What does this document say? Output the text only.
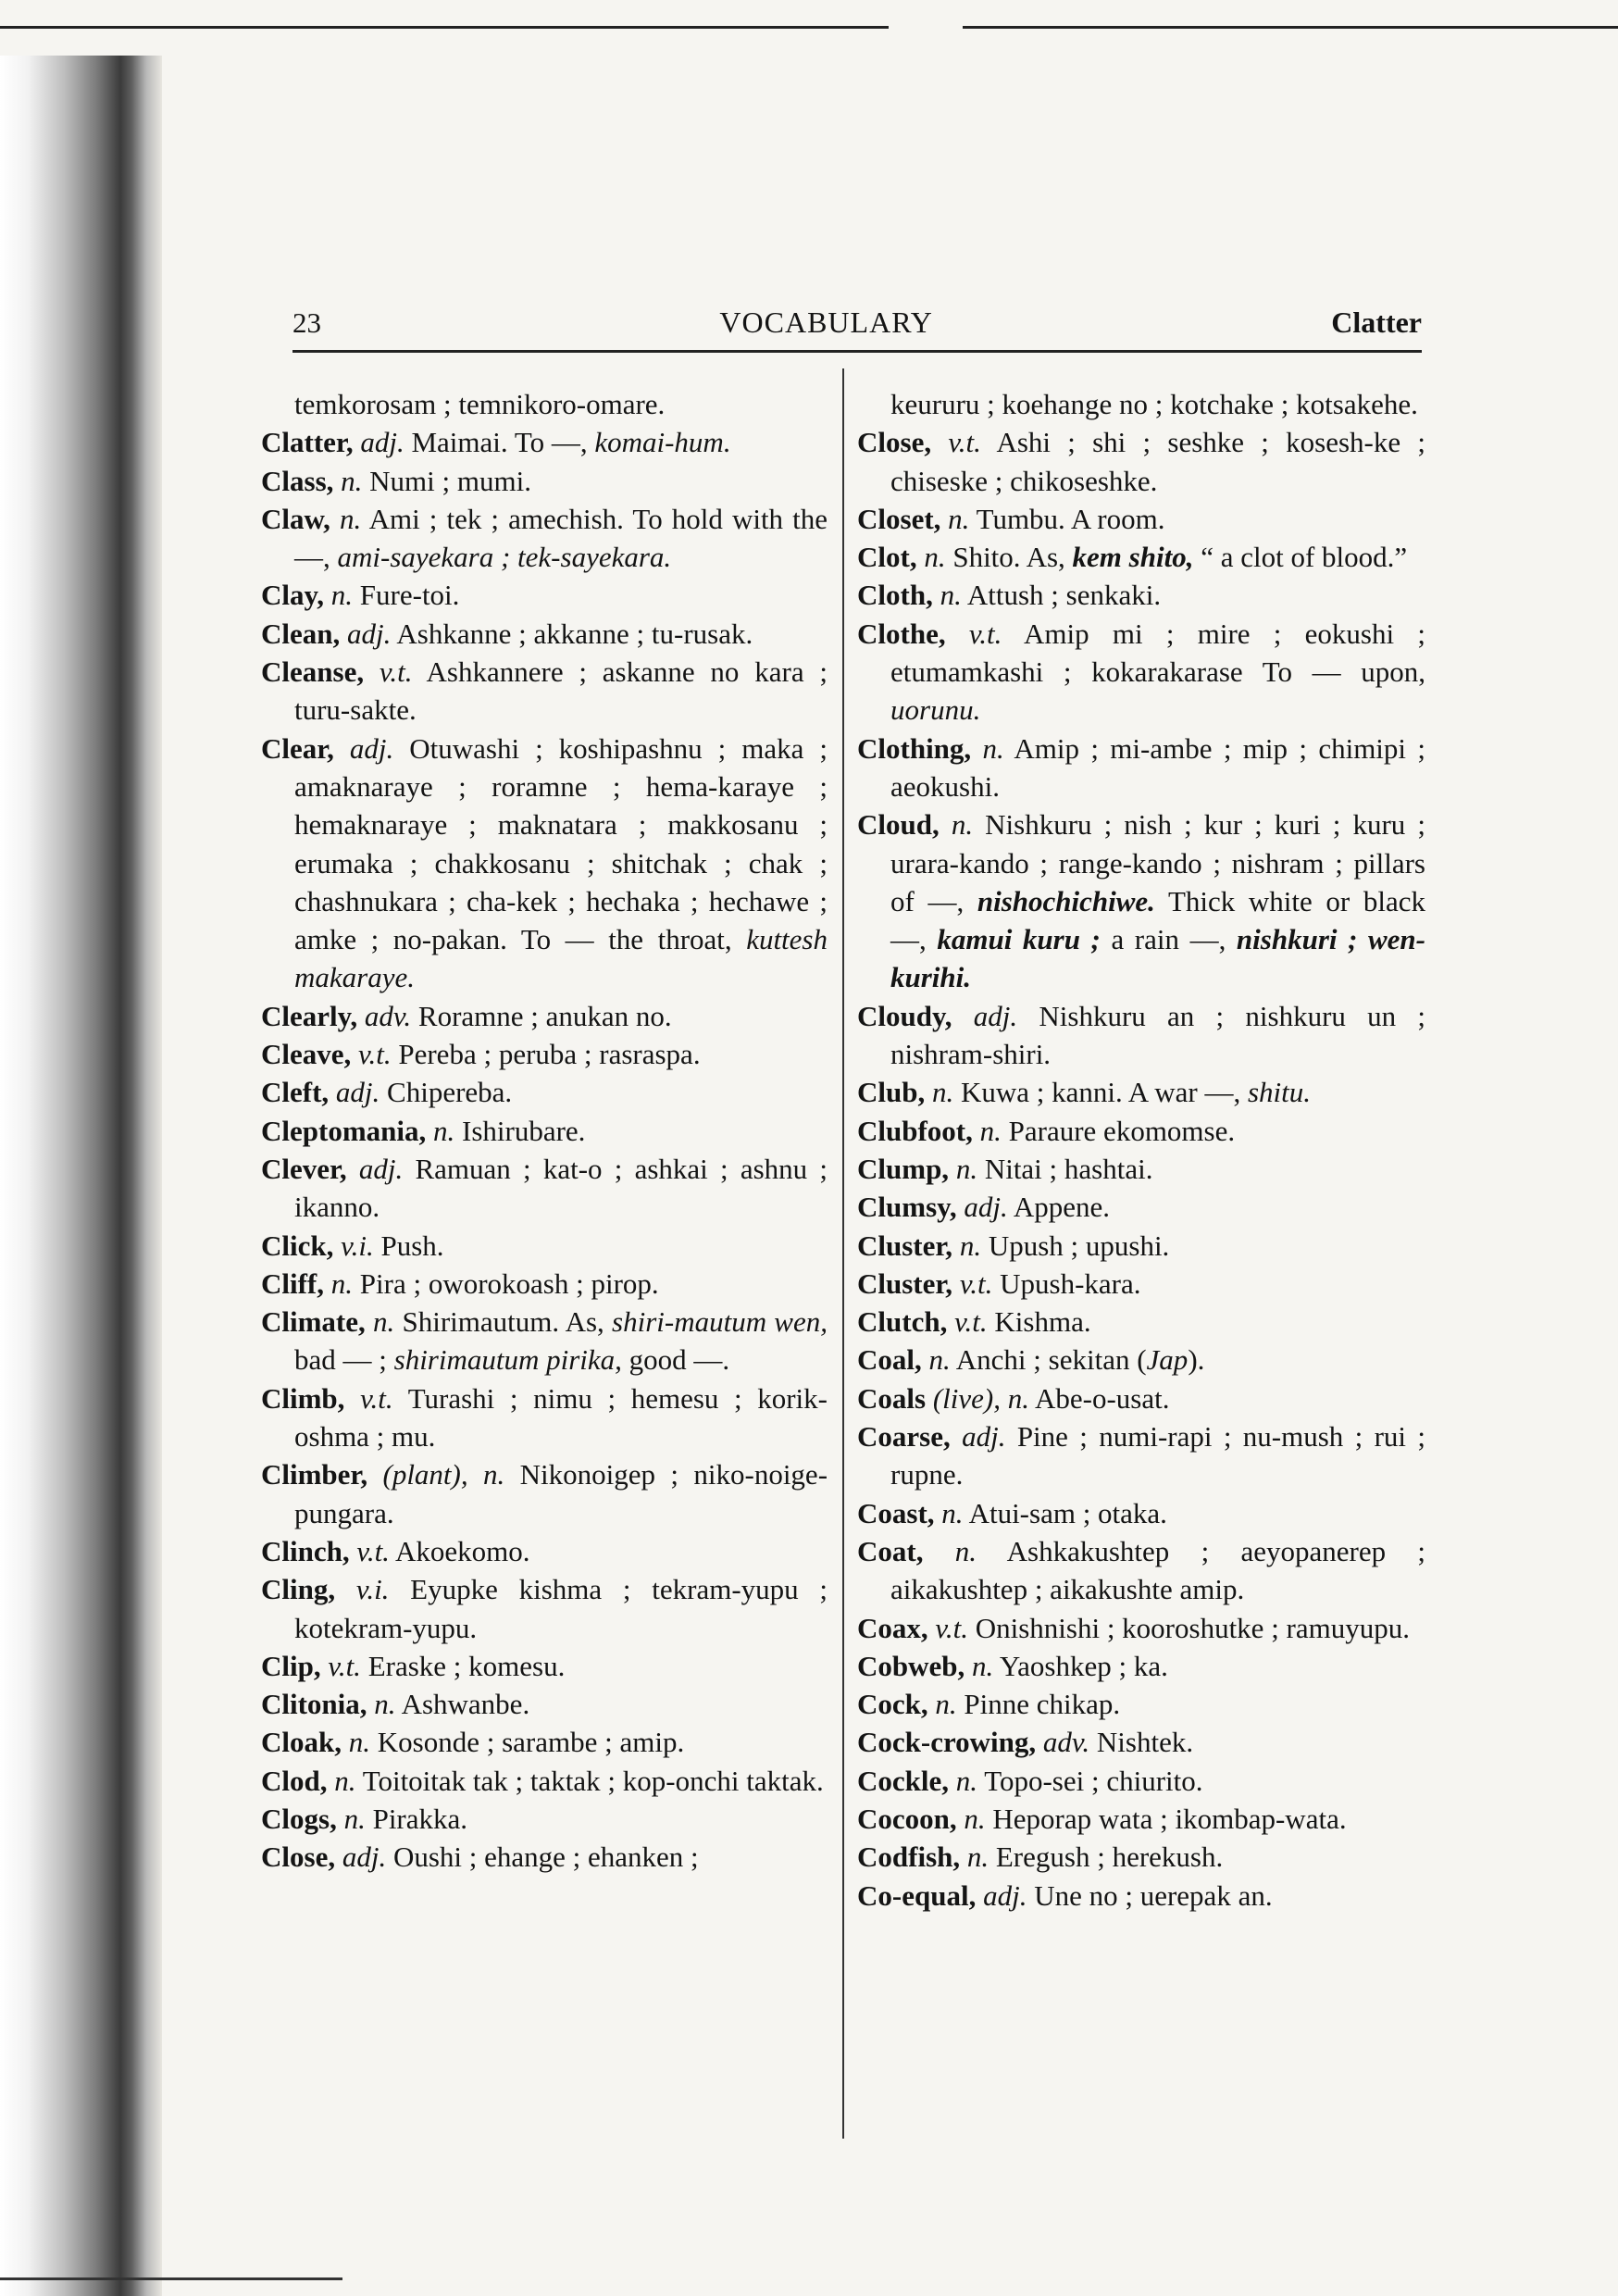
23	VOCABULARY	Clatter
temkorosam ; temnikoro-omare.
Clatter, adj. Maimai. To —, komai-hum.
Class, n. Numi ; mumi.
Claw, n. Ami ; tek ; amechish. To hold with the —, ami-sayekara ; tek-sayekara.
Clay, n. Fure-toi.
Clean, adj. Ashkanne ; akkanne ; tu-rusak.
Cleanse, v.t. Ashkannere ; askanne no kara ; turu-sakte.
Clear, adj. Otuwashi ; koshipashnu ; maka ; amaknaraye ; roramne ; hema-karaye ; hemaknaraye ; maknatara ; makkosanu ; erumaka ; chakkosanu ; shitchak ; chak ; chashnukara ; cha-kek ; hechaka ; hechawe ; amke ; no-pakan. To — the throat, kuttesh makaraye.
Clearly, adv. Roramne ; anukan no.
Cleave, v.t. Pereba ; peruba ; rasraspa.
Cleft, adj. Chipereba.
Cleptomania, n. Ishirubare.
Clever, adj. Ramuan ; kat-o ; ashkai ; ashnu ; ikanno.
Click, v.i. Push.
Cliff, n. Pira ; oworokoash ; pirop.
Climate, n. Shirimautum. As, shiri-mautum wen, bad — ; shirimautum pirika, good —.
Climb, v.t. Turashi ; nimu ; hemesu ; korik-oshma ; mu.
Climber, (plant), n. Nikonoigep ; niko-noige-pungara.
Clinch, v.t. Akoekomo.
Cling, v.i. Eyupke kishma ; tekram-yupu ; kotekram-yupu.
Clip, v.t. Eraske ; komesu.
Clitonia, n. Ashwanbe.
Cloak, n. Kosonde ; sarambe ; amip.
Clod, n. Toitoitak tak ; taktak ; kop-onchi taktak.
Clogs, n. Pirakka.
Close, adj. Oushi ; ehange ; ehanken ;
keururu ; koehange no ; kotchake ; kotsakehe.
Close, v.t. Ashi ; shi ; seshke ; kosesh-ke ; chiseske ; chikoseshke.
Closet, n. Tumbu. A room.
Clot, n. Shito. As, kem shito, “ a clot of blood.”
Cloth, n. Attush ; senkaki.
Clothe, v.t. Amip mi ; mire ; eokushi ; etumamkashi ; kokarakarase To — upon, uorunu.
Clothing, n. Amip ; mi-ambe ; mip ; chimipi ; aeokushi.
Cloud, n. Nishkuru ; nish ; kur ; kuri ; kuru ; urara-kando ; range-kando ; nishram ; pillars of —, nishochichiwe. Thick white or black —, kamui kuru ; a rain —, nishkuri ; wen-kurihi.
Cloudy, adj. Nishkuru an ; nishkuru un ; nishram-shiri.
Club, n. Kuwa ; kanni. A war —, shitu.
Clubfoot, n. Paraure ekomomse.
Clump, n. Nitai ; hashtai.
Clumsy, adj. Appene.
Cluster, n. Upush ; upushi.
Cluster, v.t. Upush-kara.
Clutch, v.t. Kishma.
Coal, n. Anchi ; sekitan (Jap).
Coals (live), n. Abe-o-usat.
Coarse, adj. Pine ; numi-rapi ; nu-mush ; rui ; rupne.
Coast, n. Atui-sam ; otaka.
Coat, n. Ashkakushtep ; aeyopanerep ; aikakushtep ; aikakushte amip.
Coax, v.t. Onishnishi ; kooroshutke ; ramuyupu.
Cobweb, n. Yaoshkep ; ka.
Cock, n. Pinne chikap.
Cock-crowing, adv. Nishtek.
Cockle, n. Topo-sei ; chiurito.
Cocoon, n. Heporap wata ; ikombap-wata.
Codfish, n. Eregush ; herekush.
Co-equal, adj. Une no ; uerepak an.
